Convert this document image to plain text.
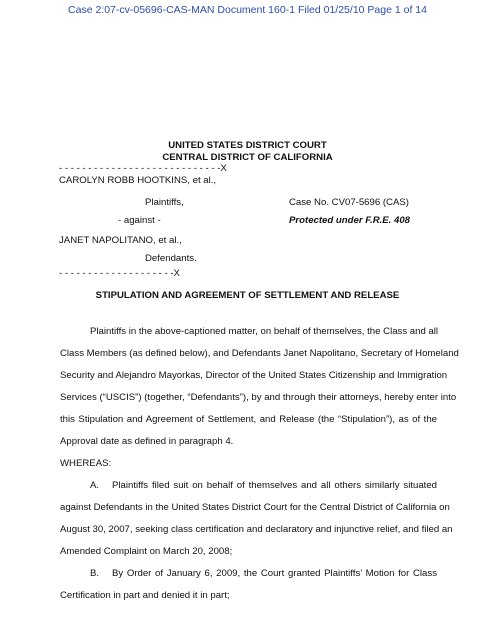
Case 2:07-cv-05696-CAS-MAN Document 160-1 Filed 01/25/10 Page 1 of 14
UNITED STATES DISTRICT COURT
CENTRAL DISTRICT OF CALIFORNIA
- - - - - - - - - - - - - - - - - - - - - - - - - - - -X
CAROLYN ROBB HOOTKINS, et al.,
Plaintiffs,	Case No. CV07-5696 (CAS)
- against -	Protected under F.R.E. 408
JANET NAPOLITANO, et al.,
Defendants.
- - - - - - - - - - - - - - - - - - - -X
STIPULATION AND AGREEMENT OF SETTLEMENT AND RELEASE
Plaintiffs in the above-captioned matter, on behalf of themselves, the Class and all
Class Members (as defined below), and Defendants Janet Napolitano, Secretary of Homeland
Security and Alejandro Mayorkas, Director of the United States Citizenship and Immigration
Services (“USCIS”) (together, “Defendants”), by and through their attorneys, hereby enter into
this Stipulation and Agreement of Settlement, and Release (the “Stipulation”), as of the
Approval date as defined in paragraph 4.
WHEREAS:
A. Plaintiffs filed suit on behalf of themselves and all others similarly situated
against Defendants in the United States District Court for the Central District of California on
August 30, 2007, seeking class certification and declaratory and injunctive relief, and filed an
Amended Complaint on March 20, 2008;
B. By Order of January 6, 2009, the Court granted Plaintiffs’ Motion for Class
Certification in part and denied it in part;
